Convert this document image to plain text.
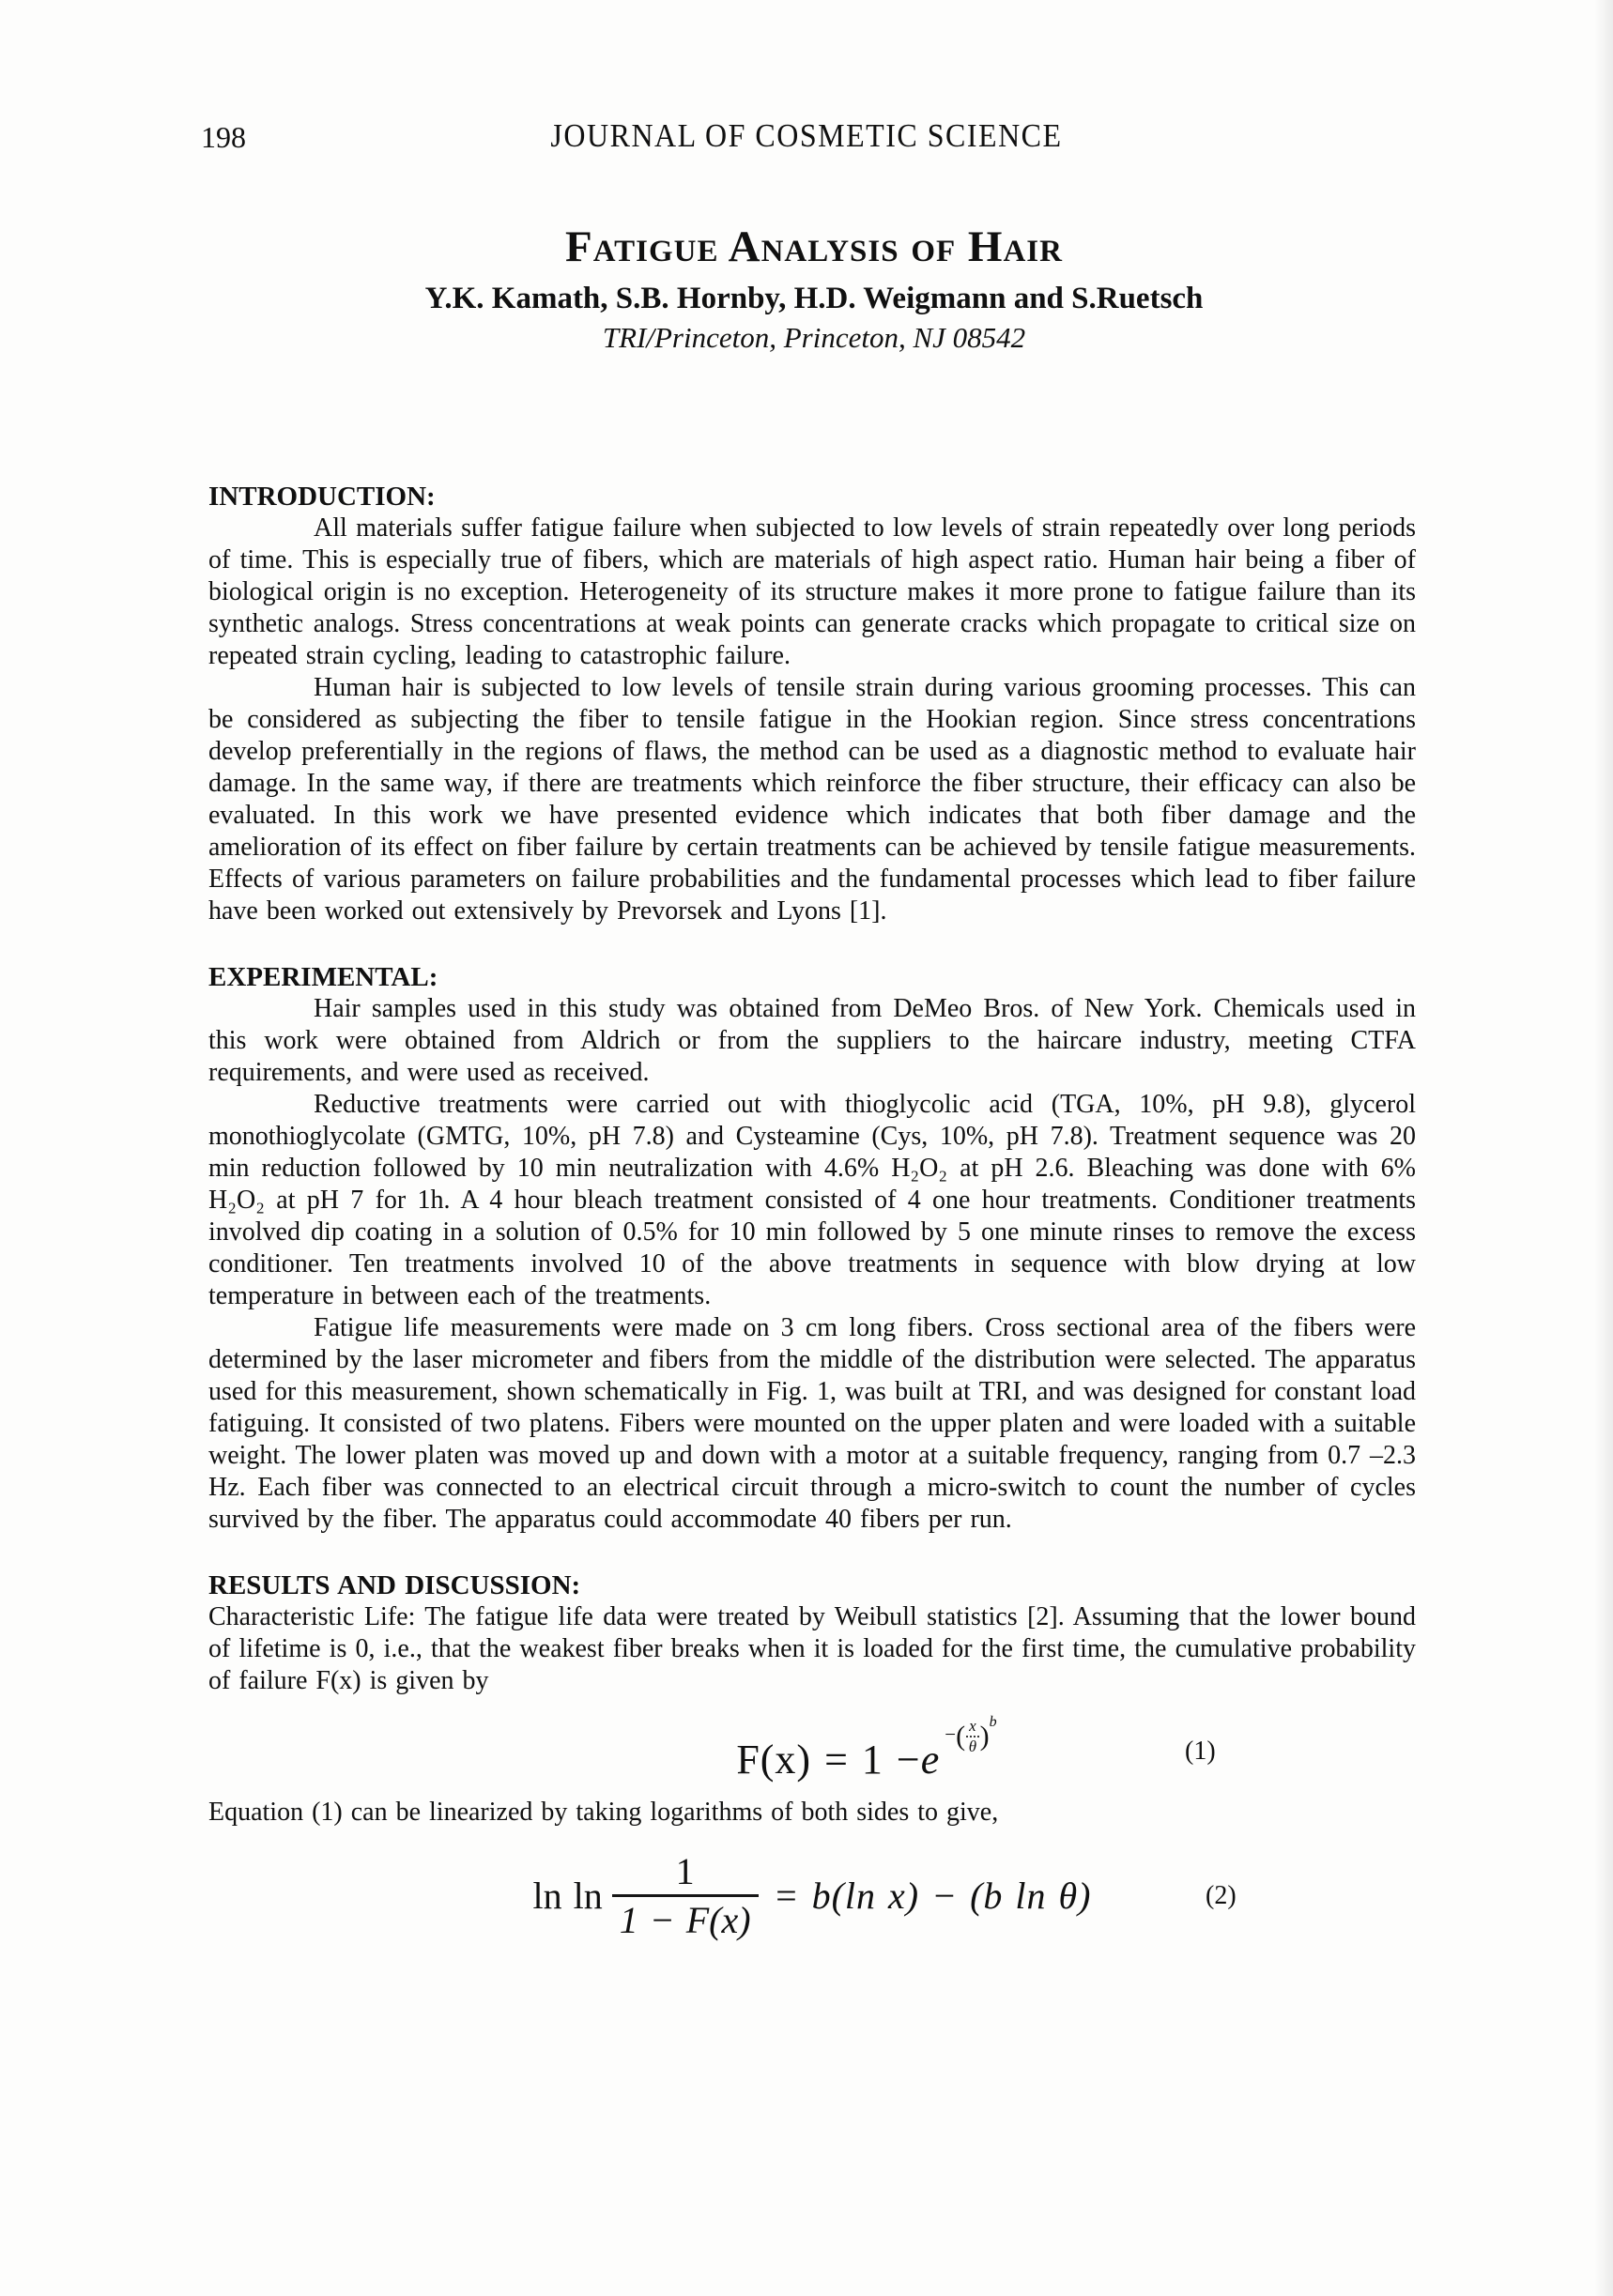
198	JOURNAL OF COSMETIC SCIENCE
Fatigue Analysis of Hair
Y.K. Kamath, S.B. Hornby, H.D. Weigmann and S.Ruetsch
TRI/Princeton, Princeton, NJ 08542
INTRODUCTION:

All materials suffer fatigue failure when subjected to low levels of strain repeatedly over long periods of time. This is especially true of fibers, which are materials of high aspect ratio. Human hair being a fiber of biological origin is no exception. Heterogeneity of its structure makes it more prone to fatigue failure than its synthetic analogs. Stress concentrations at weak points can generate cracks which propagate to critical size on repeated strain cycling, leading to catastrophic failure.

Human hair is subjected to low levels of tensile strain during various grooming processes. This can be considered as subjecting the fiber to tensile fatigue in the Hookian region. Since stress concentrations develop preferentially in the regions of flaws, the method can be used as a diagnostic method to evaluate hair damage. In the same way, if there are treatments which reinforce the fiber structure, their efficacy can also be evaluated. In this work we have presented evidence which indicates that both fiber damage and the amelioration of its effect on fiber failure by certain treatments can be achieved by tensile fatigue measurements. Effects of various parameters on failure probabilities and the fundamental processes which lead to fiber failure have been worked out extensively by Prevorsek and Lyons [1].

EXPERIMENTAL:

Hair samples used in this study was obtained from DeMeo Bros. of New York. Chemicals used in this work were obtained from Aldrich or from the suppliers to the haircare industry, meeting CTFA requirements, and were used as received.

Reductive treatments were carried out with thioglycolic acid (TGA, 10%, pH 9.8), glycerol monothioglycolate (GMTG, 10%, pH 7.8) and Cysteamine (Cys, 10%, pH 7.8). Treatment sequence was 20 min reduction followed by 10 min neutralization with 4.6% H₂O₂ at pH 2.6. Bleaching was done with 6% H₂O₂ at pH 7 for 1h. A 4 hour bleach treatment consisted of 4 one hour treatments. Conditioner treatments involved dip coating in a solution of 0.5% for 10 min followed by 5 one minute rinses to remove the excess conditioner. Ten treatments involved 10 of the above treatments in sequence with blow drying at low temperature in between each of the treatments.

Fatigue life measurements were made on 3 cm long fibers. Cross sectional area of the fibers were determined by the laser micrometer and fibers from the middle of the distribution were selected. The apparatus used for this measurement, shown schematically in Fig. 1, was built at TRI, and was designed for constant load fatiguing. It consisted of two platens. Fibers were mounted on the upper platen and were loaded with a suitable weight. The lower platen was moved up and down with a motor at a suitable frequency, ranging from 0.7 –2.3 Hz. Each fiber was connected to an electrical circuit through a micro-switch to count the number of cycles survived by the fiber. The apparatus could accommodate 40 fibers per run.

RESULTS AND DISCUSSION:

Characteristic Life: The fatigue life data were treated by Weibull statistics [2]. Assuming that the lower bound of lifetime is 0, i.e., that the weakest fiber breaks when it is loaded for the first time, the cumulative probability of failure F(x) is given by

$F(x) = 1 -e-( \frac{x}{\theta} )^b$
(1)

Equation (1) can be linearized by taking logarithms of both sides to give,

$\ln \ln \frac{1}{1 - F(x)} = b(\ln$ x) − (b ln θ)	(2)
